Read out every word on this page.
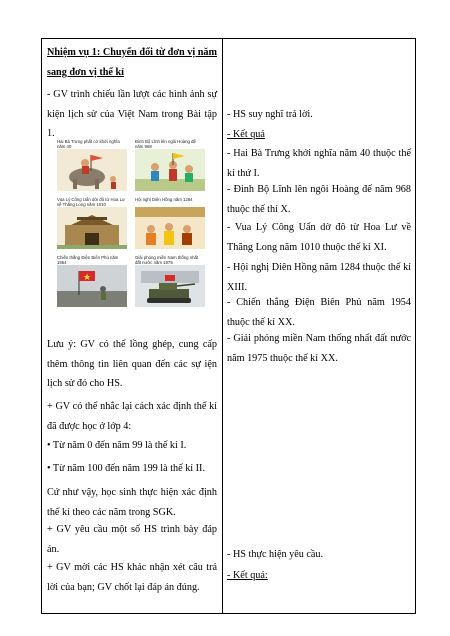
Nhiệm vụ 1: Chuyển đổi từ đơn vị năm sang đơn vị thế kỉ

- GV trình chiếu lần lượt các hình ảnh sự kiện lịch sử của Việt Nam trong Bài tập 1.

Hai Bà Trưng phất cờ khởi nghĩa năm 40
Đinh Bộ Lĩnh lên ngôi Hoàng đế năm 968
Vua Lý Công Uẩn dời đô từ Hoa Lư về Thăng Long năm 1010
Hội nghị Diên Hồng năm 1284
Chiến thắng Điện Biên Phủ năm 1954
Giải phóng miền Nam thống nhất đất nước năm 1975

Lưu ý: GV có thể lồng ghép, cung cấp thêm thông tin liên quan đến các sự iện lịch sử đó cho HS.

+ GV có thể nhắc lại cách xác định thế kỉ đã được học ở lớp 4:

• Từ năm 0 đến năm 99 là thế kỉ I.

• Từ năm 100 đến năm 199 là thế kỉ II.

Cứ như vậy, học sinh thực hiện xác định thế kỉ theo các năm trong SGK.

+ GV yêu cầu một số HS trình bày đáp án.

+ GV mời các HS khác nhận xét câu trả lời của bạn; GV chốt lại đáp án đúng.

- HS suy nghĩ trả lời.

- Kết quả

- Hai Bà Trưng khởi nghĩa năm 40 thuộc thế kỉ thứ I.

- Đinh Bộ Lĩnh lên ngôi Hoàng đế năm 968 thuộc thế thỉ X.

- Vua Lý Công Uẩn dờ đô từ Hoa Lư về Thăng Long năm 1010 thuộc thế kỉ XI.

- Hội nghị Diên Hồng năm 1284 thuộc thế kỉ XIII.

- Chiến thắng Điện Biên Phủ năm 1954 thuộc thế kỉ XX.

- Giải phóng miền Nam thống nhất đất nước năm 1975 thuộc thế kỉ XX.

- HS thực hiện yêu cầu.

- Kết quả:
